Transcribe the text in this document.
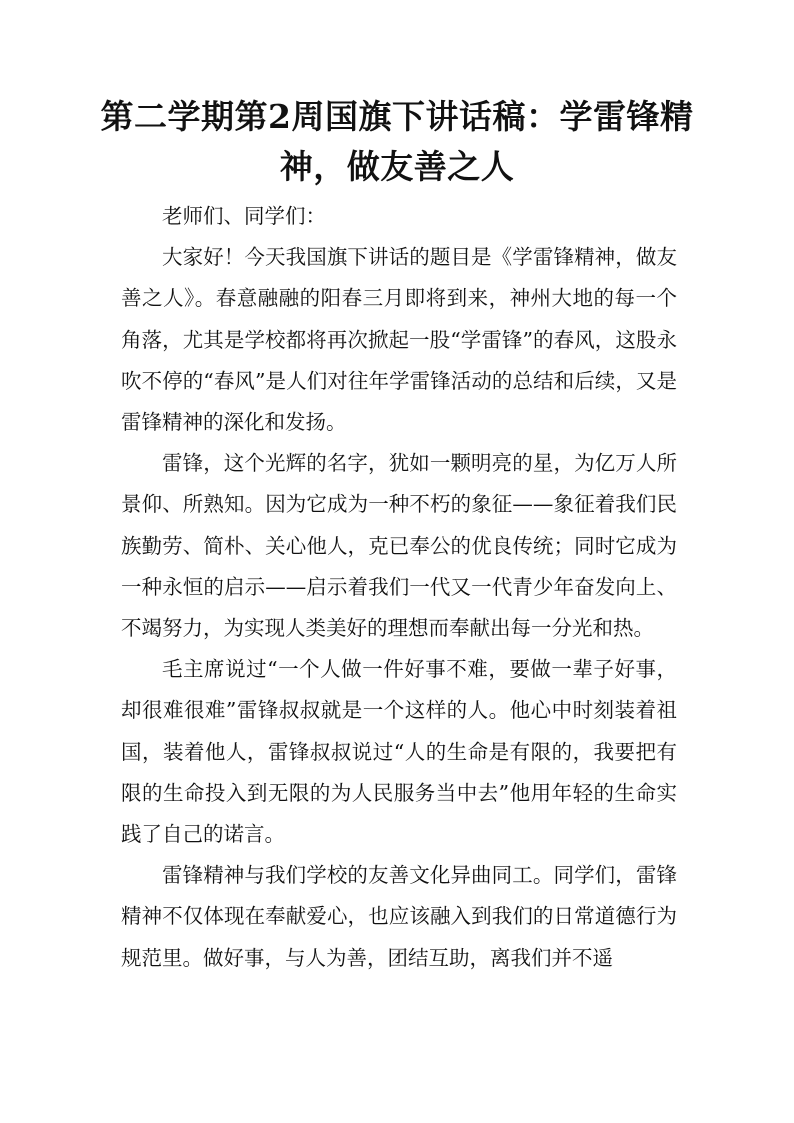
第二学期第2周国旗下讲话稿：学雷锋精神，做友善之人

老师们、同学们：

大家好！今天我国旗下讲话的题目是《学雷锋精神，做友善之人》。春意融融的阳春三月即将到来，神州大地的每一个角落，尤其是学校都将再次掀起一股“学雷锋”的春风，这股永吹不停的“春风”是人们对往年学雷锋活动的总结和后续，又是雷锋精神的深化和发扬。

雷锋，这个光辉的名字，犹如一颗明亮的星，为亿万人所景仰、所熟知。因为它成为一种不朽的象征——象征着我们民族勤劳、简朴、关心他人，克已奉公的优良传统；同时它成为一种永恒的启示——启示着我们一代又一代青少年奋发向上、不竭努力，为实现人类美好的理想而奉献出每一分光和热。

毛主席说过“一个人做一件好事不难，要做一辈子好事，却很难很难”雷锋叔叔就是一个这样的人。他心中时刻装着祖国，装着他人，雷锋叔叔说过“人的生命是有限的，我要把有限的生命投入到无限的为人民服务当中去”他用年轻的生命实践了自己的诺言。

雷锋精神与我们学校的友善文化异曲同工。同学们，雷锋精神不仅体现在奉献爱心，也应该融入到我们的日常道德行为规范里。做好事，与人为善，团结互助，离我们并不遥
